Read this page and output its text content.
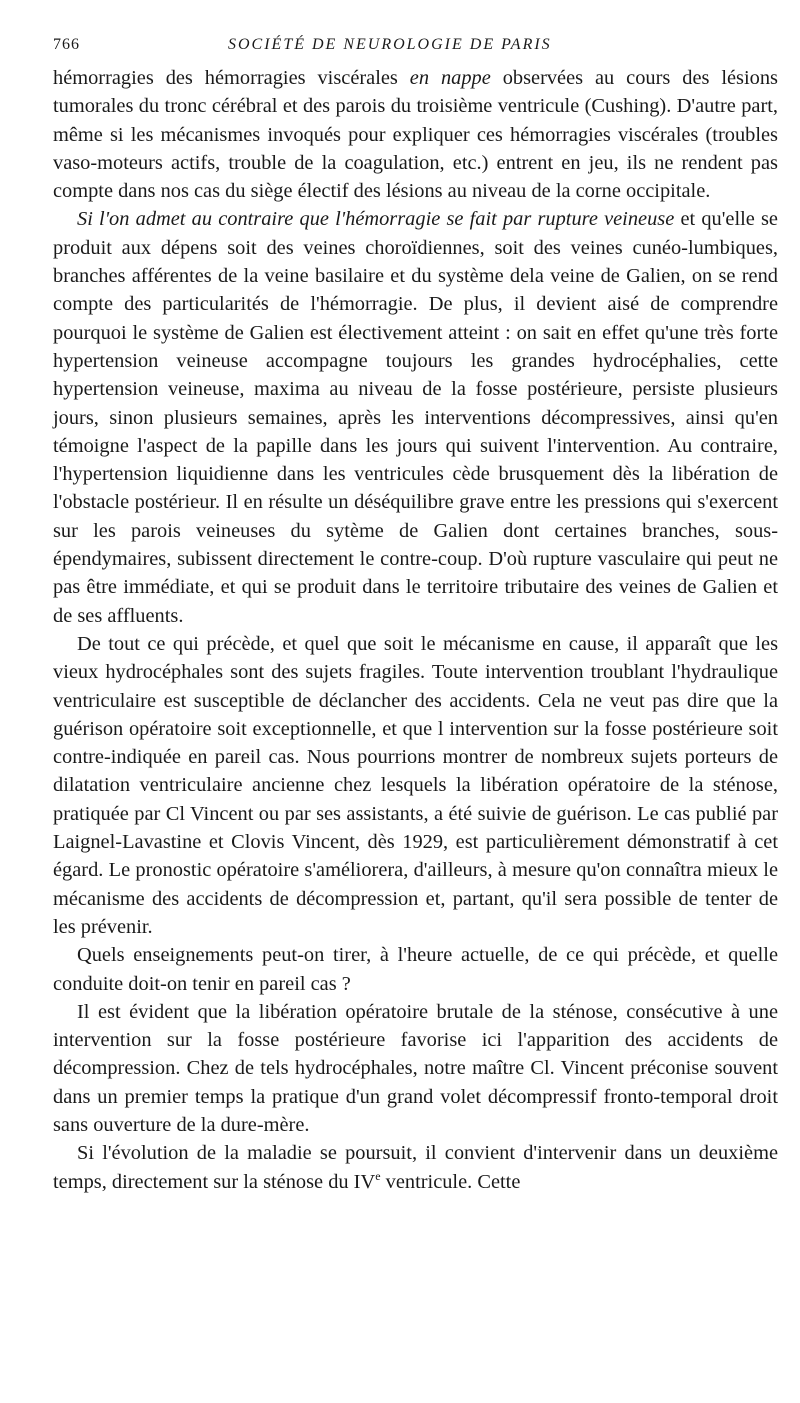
766	SOCIÉTÉ DE NEUROLOGIE DE PARIS

hémorragies des hémorragies viscérales en nappe observées au cours des lésions tumorales du tronc cérébral et des parois du troisième ventricule (Cushing). D'autre part, même si les mécanismes invoqués pour expliquer ces hémorragies viscérales (troubles vaso-moteurs actifs, trouble de la coagulation, etc.) entrent en jeu, ils ne rendent pas compte dans nos cas du siège électif des lésions au niveau de la corne occipitale.

Si l'on admet au contraire que l'hémorragie se fait par rupture veineuse et qu'elle se produit aux dépens soit des veines choroïdiennes, soit des veines cunéo-lumbiques, branches afférentes de la veine basilaire et du système dela veine de Galien, on se rend compte des particularités de l'hémorragie. De plus, il devient aisé de comprendre pourquoi le système de Galien est électivement atteint : on sait en effet qu'une très forte hypertension veineuse accompagne toujours les grandes hydrocéphalies, cette hypertension veineuse, maxima au niveau de la fosse postérieure, persiste plusieurs jours, sinon plusieurs semaines, après les interventions décompressives, ainsi qu'en témoigne l'aspect de la papille dans les jours qui suivent l'intervention. Au contraire, l'hypertension liquidienne dans les ventricules cède brusquement dès la libération de l'obstacle postérieur. Il en résulte un déséquilibre grave entre les pressions qui s'exercent sur les parois veineuses du sytème de Galien dont certaines branches, sous-épendymaires, subissent directement le contre-coup. D'où rupture vasculaire qui peut ne pas être immédiate, et qui se produit dans le territoire tributaire des veines de Galien et de ses affluents.

De tout ce qui précède, et quel que soit le mécanisme en cause, il apparaît que les vieux hydrocéphales sont des sujets fragiles. Toute intervention troublant l'hydraulique ventriculaire est susceptible de déclancher des accidents. Cela ne veut pas dire que la guérison opératoire soit exceptionnelle, et que l intervention sur la fosse postérieure soit contre-indiquée en pareil cas. Nous pourrions montrer de nombreux sujets porteurs de dilatation ventriculaire ancienne chez lesquels la libération opératoire de la sténose, pratiquée par Cl Vincent ou par ses assistants, a été suivie de guérison. Le cas publié par Laignel-Lavastine et Clovis Vincent, dès 1929, est particulièrement démonstratif à cet égard. Le pronostic opératoire s'améliorera, d'ailleurs, à mesure qu'on connaîtra mieux le mécanisme des accidents de décompression et, partant, qu'il sera possible de tenter de les prévenir.

Quels enseignements peut-on tirer, à l'heure actuelle, de ce qui précède, et quelle conduite doit-on tenir en pareil cas ?

Il est évident que la libération opératoire brutale de la sténose, consécutive à une intervention sur la fosse postérieure favorise ici l'apparition des accidents de décompression. Chez de tels hydrocéphales, notre maître Cl. Vincent préconise souvent dans un premier temps la pratique d'un grand volet décompressif fronto-temporal droit sans ouverture de la dure-mère.

Si l'évolution de la maladie se poursuit, il convient d'intervenir dans un deuxième temps, directement sur la sténose du IVe ventricule. Cette
